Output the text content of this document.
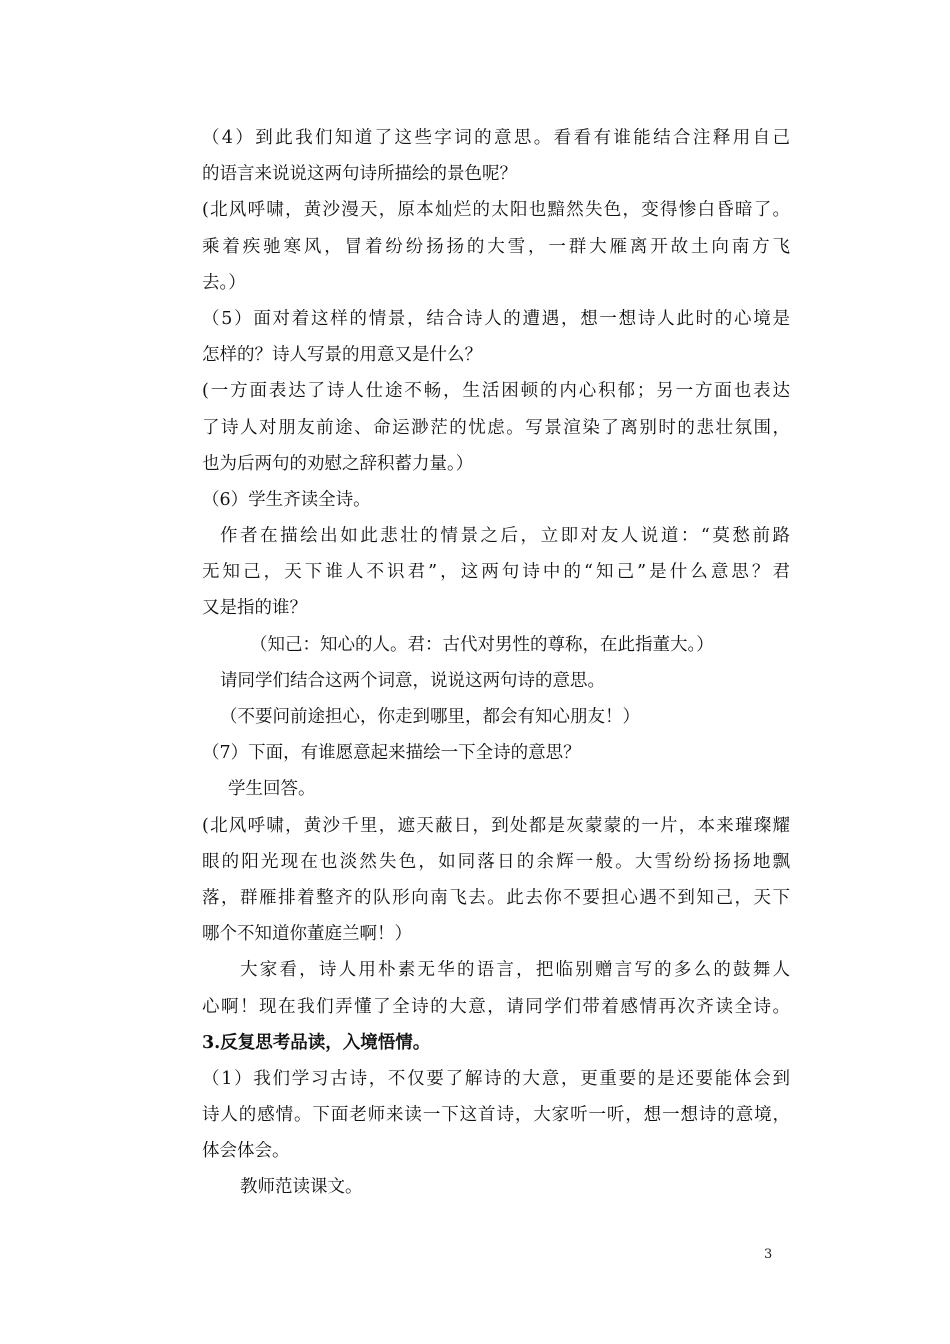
（4）到此我们知道了这些字词的意思。看看有谁能结合注释用自己
的语言来说说这两句诗所描绘的景色呢？
(北风呼啸，黄沙漫天，原本灿烂的太阳也黯然失色，变得惨白昏暗了。
乘着疾驰寒风，冒着纷纷扬扬的大雪，一群大雁离开故土向南方飞
去。）
（5）面对着这样的情景，结合诗人的遭遇，想一想诗人此时的心境是
怎样的？诗人写景的用意又是什么？
(一方面表达了诗人仕途不畅，生活困顿的内心积郁；另一方面也表达
了诗人对朋友前途、命运渺茫的忧虑。写景渲染了离别时的悲壮氛围，
也为后两句的劝慰之辞积蓄力量。）
（6）学生齐读全诗。
作者在描绘出如此悲壮的情景之后，立即对友人说道：“莫愁前路
无知己，天下谁人不识君”，这两句诗中的“知己”是什么意思？君
又是指的谁？
（知己：知心的人。君：古代对男性的尊称，在此指董大。）
请同学们结合这两个词意，说说这两句诗的意思。
（不要问前途担心，你走到哪里，都会有知心朋友！）
（7）下面，有谁愿意起来描绘一下全诗的意思？
学生回答。
(北风呼啸，黄沙千里，遮天蔽日，到处都是灰蒙蒙的一片，本来璀璨耀
眼的阳光现在也淡然失色，如同落日的余辉一般。大雪纷纷扬扬地飘
落，群雁排着整齐的队形向南飞去。此去你不要担心遇不到知己，天下
哪个不知道你董庭兰啊！）
大家看，诗人用朴素无华的语言，把临别赠言写的多么的鼓舞人
心啊！现在我们弄懂了全诗的大意，请同学们带着感情再次齐读全诗。
3.反复思考品读，入境悟情。
（1）我们学习古诗，不仅要了解诗的大意，更重要的是还要能体会到
诗人的感情。下面老师来读一下这首诗，大家听一听，想一想诗的意境，
体会体会。
教师范读课文。
3
